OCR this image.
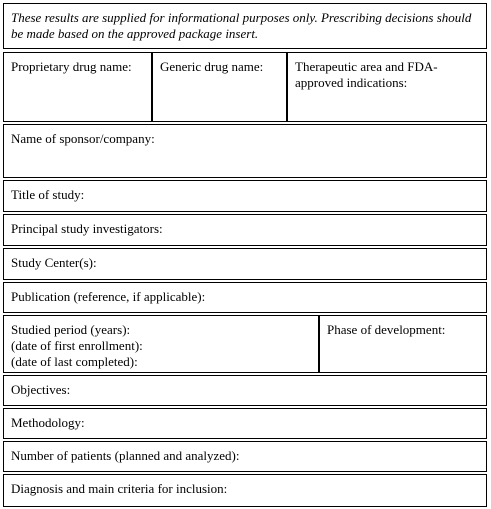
These results are supplied for informational purposes only. Prescribing decisions should be made based on the approved package insert.
Proprietary drug name:	Generic drug name:	Therapeutic area and FDA-approved indications:
Name of sponsor/company:
Title of study:
Principal study investigators:
Study Center(s):
Publication (reference, if applicable):
Studied period (years):
(date of first enrollment):
(date of last completed):
Phase of development:
Objectives:
Methodology:
Number of patients (planned and analyzed):
Diagnosis and main criteria for inclusion:
